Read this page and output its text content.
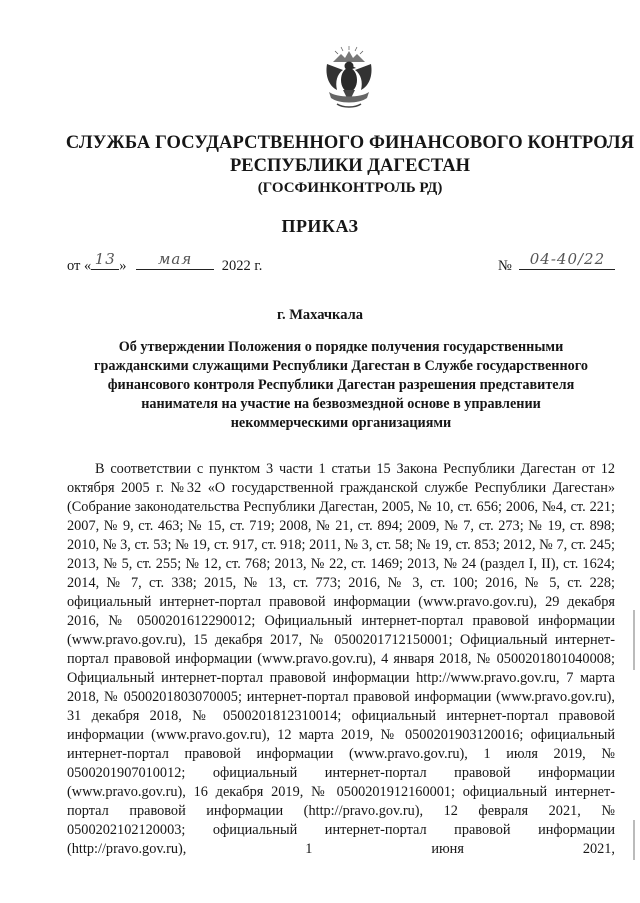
СЛУЖБА ГОСУДАРСТВЕННОГО ФИНАНСОВОГО КОНТРОЛЯ
РЕСПУБЛИКИ ДАГЕСТАН
(ГОСФИНКОНТРОЛЬ РД)
ПРИКАЗ
от « 13 »	мая	2022 г.	№	04-40/22
г. Махачкала
Об утверждении Положения о порядке получения государственными гражданскими служащими Республики Дагестан в Службе государственного финансового контроля Республики Дагестан разрешения представителя нанимателя на участие на безвозмездной основе в управлении некоммерческими организациями

В соответствии с пунктом 3 части 1 статьи 15 Закона Республики Дагестан от 12 октября 2005 г. №32 «О государственной гражданской службе Республики Дагестан» (Собрание законодательства Республики Дагестан, 2005, № 10, ст. 656; 2006, №4, ст. 221; 2007, № 9, ст. 463; № 15, ст. 719; 2008, № 21, ст. 894; 2009, № 7, ст. 273; № 19, ст. 898; 2010, № 3, ст. 53; № 19, ст. 917, ст. 918; 2011, № 3, ст. 58; № 19, ст. 853; 2012, № 7, ст. 245; 2013, № 5, ст. 255; № 12, ст. 768; 2013, № 22, ст. 1469; 2013, № 24 (раздел I, II), ст. 1624; 2014, № 7, ст. 338; 2015, № 13, ст. 773; 2016, № 3, ст. 100; 2016, № 5, ст. 228; официальный интернет-портал правовой информации (www.pravo.gov.ru), 29 декабря 2016, № 0500201612290012; Официальный интернет-портал правовой информации (www.pravo.gov.ru), 15 декабря 2017, № 0500201712150001; Официальный интернет-портал правовой информации (www.pravo.gov.ru), 4 января 2018, № 0500201801040008; Официальный интернет-портал правовой информации http://www.pravo.gov.ru, 7 марта 2018, № 0500201803070005; интернет-портал правовой информации (www.pravo.gov.ru), 31 декабря 2018, № 0500201812310014; официальный интернет-портал правовой информации (www.pravo.gov.ru), 12 марта 2019, № 0500201903120016; официальный интернет-портал правовой информации (www.pravo.gov.ru), 1 июля 2019, № 0500201907010012; официальный интернет-портал правовой информации (www.pravo.gov.ru), 16 декабря 2019, № 0500201912160001; официальный интернет-портал правовой информации (http://pravo.gov.ru), 12 февраля 2021, № 0500202102120003; официальный интернет-портал правовой информации (http://pravo.gov.ru), 1 июня 2021,
